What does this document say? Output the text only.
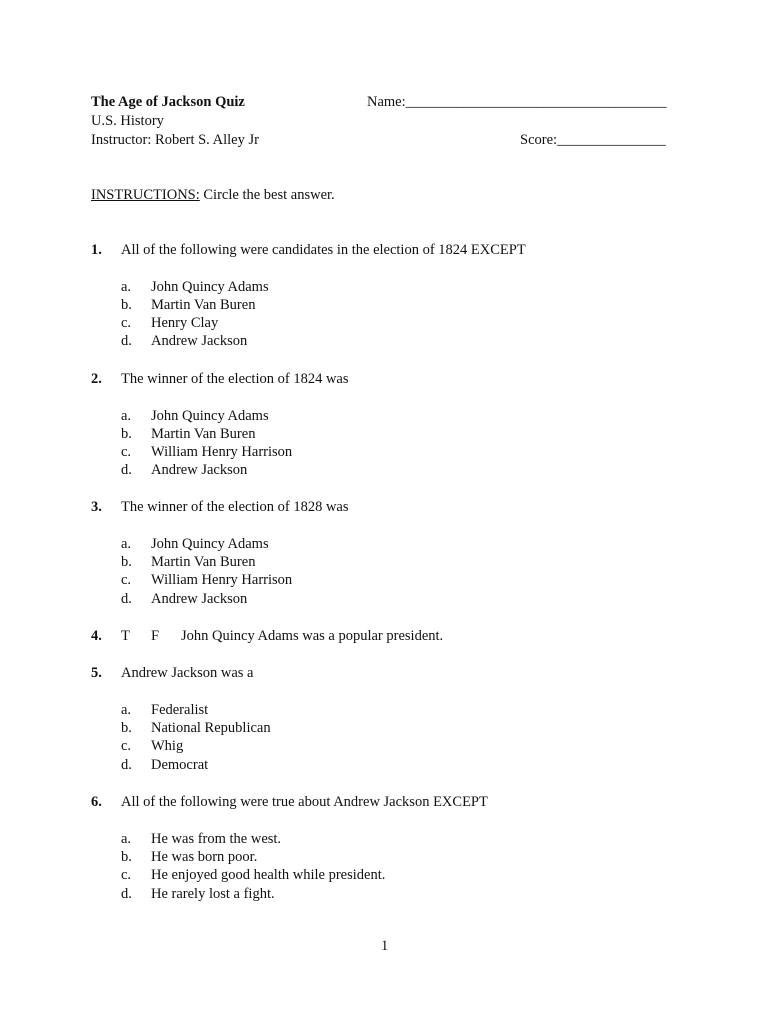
The Age of Jackson Quiz
U.S. History
Instructor: Robert S. Alley Jr
Name:____________________________________
Score:_______________
INSTRUCTIONS: Circle the best answer.
1. All of the following were candidates in the election of 1824 EXCEPT
a. John Quincy Adams
b. Martin Van Buren
c. Henry Clay
d. Andrew Jackson
2. The winner of the election of 1824 was
a. John Quincy Adams
b. Martin Van Buren
c. William Henry Harrison
d. Andrew Jackson
3. The winner of the election of 1828 was
a. John Quincy Adams
b. Martin Van Buren
c. William Henry Harrison
d. Andrew Jackson
4. T F John Quincy Adams was a popular president.
5. Andrew Jackson was a
a. Federalist
b. National Republican
c. Whig
d. Democrat
6. All of the following were true about Andrew Jackson EXCEPT
a. He was from the west.
b. He was born poor.
c. He enjoyed good health while president.
d. He rarely lost a fight.
1
